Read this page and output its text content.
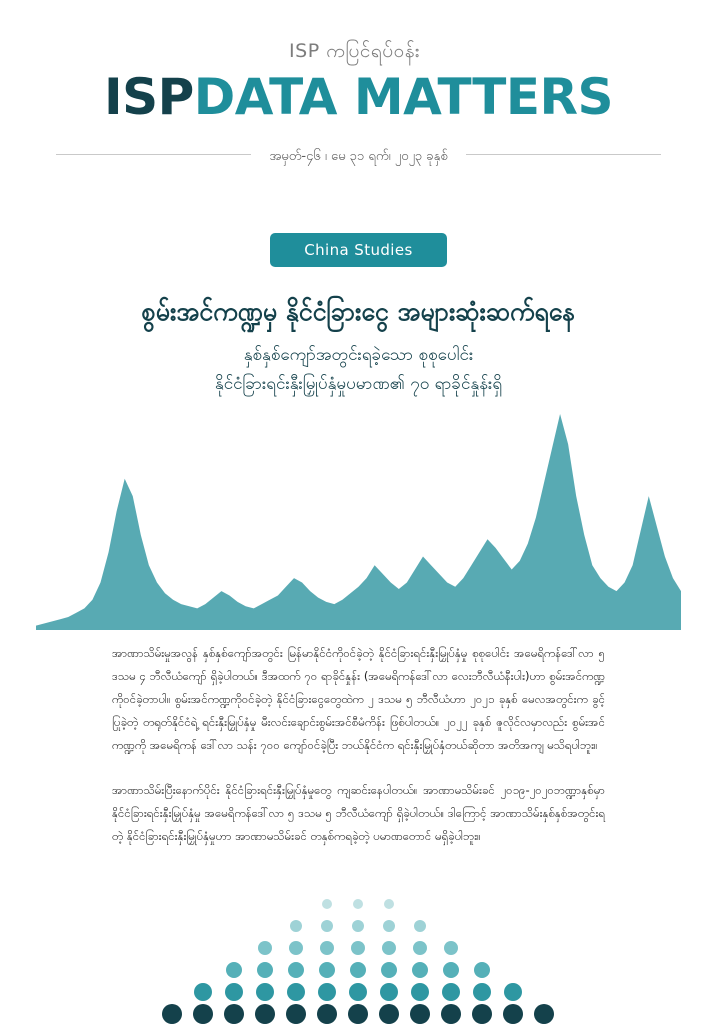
ISP ကပြင်ရပ်ဝန်း
ISPDATA MATTERS
အမှတ်-၄၆ ၊ မေ ၃၁ ရက်၊ ၂၀၂၃ ခုနှစ်
China Studies
စွမ်းအင်ကဏ္ဍမှ နိုင်ငံခြားငွေ အများဆုံးဆက်ရနေ
နှစ်နှစ်ကျော်အတွင်းရခဲ့သော စုစုပေါင်း
နိုင်ငံခြားရင်းနှီးမြှုပ်နှံမှုပမာဏ၏ ၇၀ ရာခိုင်နှုန်းရှိ

အာဏာသိမ်းမှုအလွန် နှစ်နှစ်ကျော်အတွင်း မြန်မာနိုင်ငံကိုဝင်ခဲ့တဲ့ နိုင်ငံခြားရင်းနှီးမြှုပ်နှံမှု စုစုပေါင်း အမေရိကန်ဒေါ်လာ ၅ ဒသမ ၄ ဘီလီယံကျော် ရှိခဲ့ပါတယ်။ ဒီအထက် ၇၀ ရာခိုင်နှုန်း (အမေရိကန်ဒေါ်လာ လေးဘီလီယံနီးပါး)ဟာ စွမ်းအင်ကဏ္ဍကိုဝင်ခဲ့တာပါ။ စွမ်းအင်ကဏ္ဍကိုဝင်ခဲ့တဲ့ နိုင်ငံခြားငွေတွေထဲက ၂ ဒသမ ၅ ဘီလီယံဟာ ၂၀၂၁ ခုနှစ် မေလအတွင်းက ခွင့်ပြုခဲ့တဲ့ တရုတ်နိုင်ငံရဲ့ ရင်းနှီးမြှုပ်နှံမှု မီးလင်းချောင်းစွမ်းအင်စီမံကိန်း ဖြစ်ပါတယ်။ ၂၀၂၂ ခုနှစ် ဇူလိုင်လမှာလည်း စွမ်းအင်ကဏ္ဍကို အမေရိကန် ဒေါ်လာ သန်း ၇၀၀ ကျော်ဝင်ခဲ့ပြီး ဘယ်နိုင်ငံက ရင်းနှီးမြှုပ်နှံတယ်ဆိုတာ အတိအကျ မသိရပါဘူး။

အာဏာသိမ်းပြီးနောက်ပိုင်း နိုင်ငံခြားရင်းနှီးမြှုပ်နှံမှုတွေ ကျဆင်းနေပါတယ်။ အာဏာမသိမ်းခင် ၂၀၁၉-၂၀၂၀ဘဏ္ဍာနှစ်မှာ နိုင်ငံခြားရင်းနှီးမြှုပ်နှံမှု အမေရိကန်ဒေါ်လာ ၅ ဒသမ ၅ ဘီလီယံကျော် ရှိခဲ့ပါတယ်။ ဒါကြောင့် အာဏာသိမ်းနှစ်နှစ်အတွင်းရတဲ့ နိုင်ငံခြားရင်းနှီးမြှုပ်နှံမှုဟာ အာဏာမသိမ်းခင် တနှစ်ကရခဲ့တဲ့ ပမာဏတောင် မရှိခဲ့ပါဘူး။
